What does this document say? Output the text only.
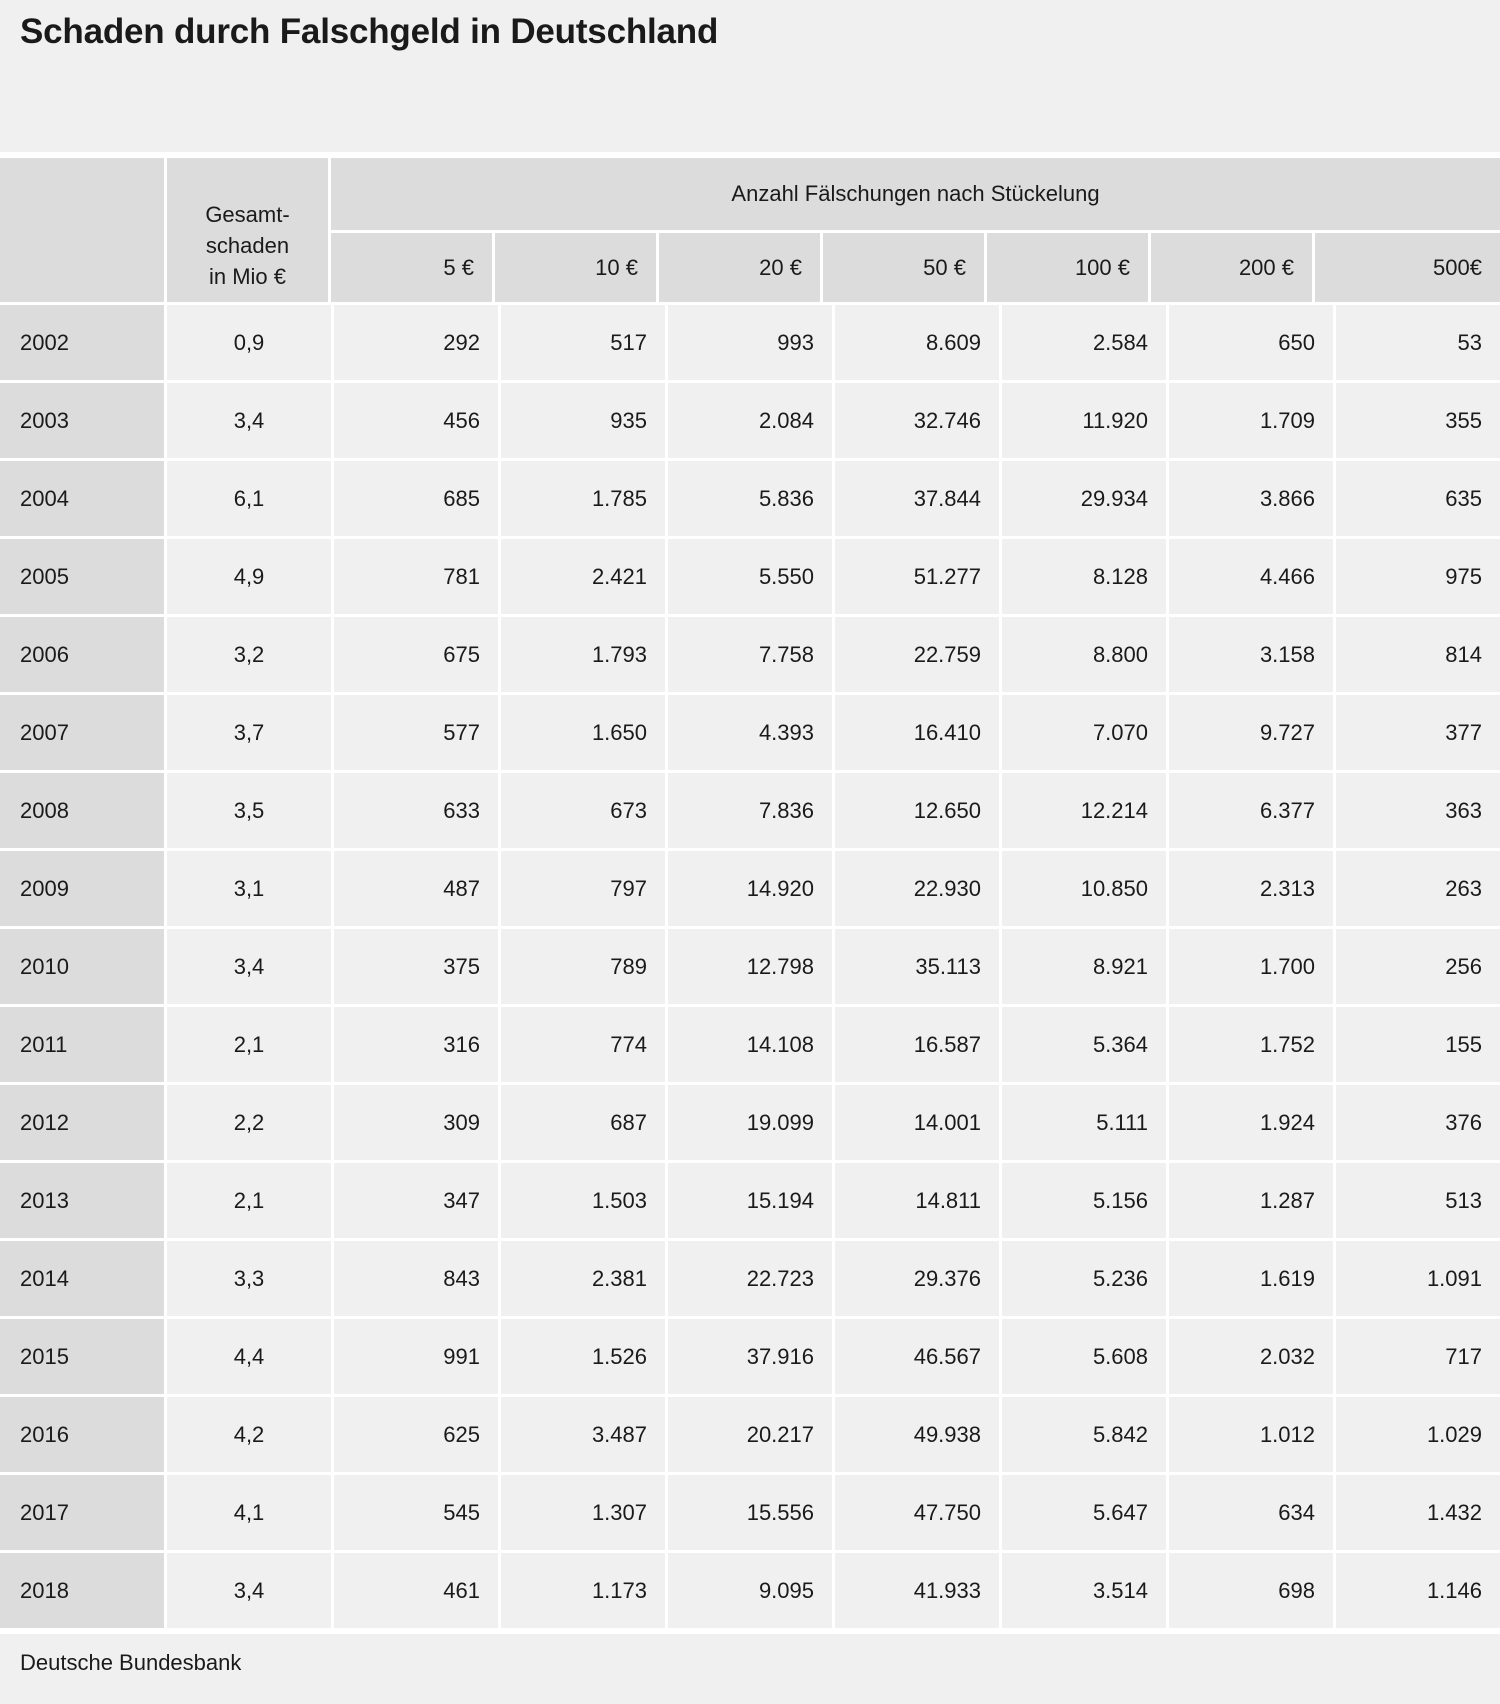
Schaden durch Falschgeld in Deutschland
Gesamt-
schaden
in Mio €
Anzahl Fälschungen nach Stückelung
5 €	10 €	20 €	50 €	100 €	200 €	500€
2002	0,9	292	517	993	8.609	2.584	650	53
2003	3,4	456	935	2.084	32.746	11.920	1.709	355
2004	6,1	685	1.785	5.836	37.844	29.934	3.866	635
2005	4,9	781	2.421	5.550	51.277	8.128	4.466	975
2006	3,2	675	1.793	7.758	22.759	8.800	3.158	814
2007	3,7	577	1.650	4.393	16.410	7.070	9.727	377
2008	3,5	633	673	7.836	12.650	12.214	6.377	363
2009	3,1	487	797	14.920	22.930	10.850	2.313	263
2010	3,4	375	789	12.798	35.113	8.921	1.700	256
2011	2,1	316	774	14.108	16.587	5.364	1.752	155
2012	2,2	309	687	19.099	14.001	5.111	1.924	376
2013	2,1	347	1.503	15.194	14.811	5.156	1.287	513
2014	3,3	843	2.381	22.723	29.376	5.236	1.619	1.091
2015	4,4	991	1.526	37.916	46.567	5.608	2.032	717
2016	4,2	625	3.487	20.217	49.938	5.842	1.012	1.029
2017	4,1	545	1.307	15.556	47.750	5.647	634	1.432
2018	3,4	461	1.173	9.095	41.933	3.514	698	1.146
Deutsche Bundesbank
